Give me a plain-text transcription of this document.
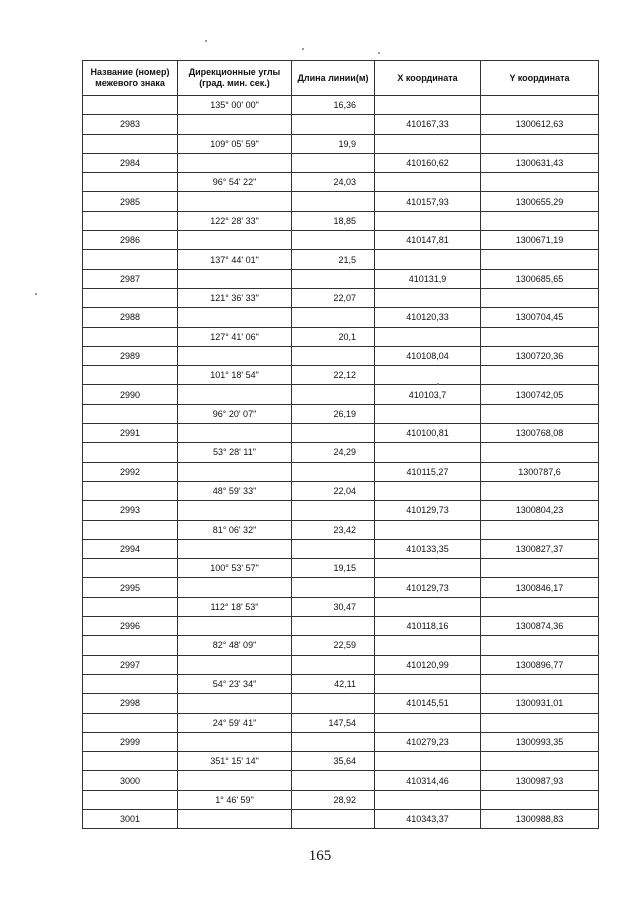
Название (номер) межевого знака	Дирекционные углы (град. мин. сек.)	Длина линии(м)	X координата	Y координата
	135° 00' 00"	16,36		
2983			410167,33	1300612,63
	109° 05' 59"	19,9		
2984			410160,62	1300631,43
	96° 54' 22"	24,03		
2985			410157,93	1300655,29
	122° 28' 33"	18,85		
2986			410147,81	1300671,19
	137° 44' 01"	21,5		
2987			410131,9	1300685,65
	121° 36' 33"	22,07		
2988			410120,33	1300704,45
	127° 41' 06"	20,1		
2989			410108,04	1300720,36
	101° 18' 54"	22,12		
2990			410103,7	1300742,05
	96° 20' 07"	26,19		
2991			410100,81	1300768,08
	53° 28' 11"	24,29		
2992			410115,27	1300787,6
	48° 59' 33"	22,04		
2993			410129,73	1300804,23
	81° 06' 32"	23,42		
2994			410133,35	1300827,37
	100° 53' 57"	19,15		
2995			410129,73	1300846,17
	112° 18' 53"	30,47		
2996			410118,16	1300874,36
	82° 48' 09"	22,59		
2997			410120,99	1300896,77
	54° 23' 34"	42,11		
2998			410145,51	1300931,01
	24° 59' 41"	147,54		
2999			410279,23	1300993,35
	351° 15' 14"	35,64		
3000			410314,46	1300987,93
	1° 46' 59"	28,92		
3001			410343,37	1300988,83
165
